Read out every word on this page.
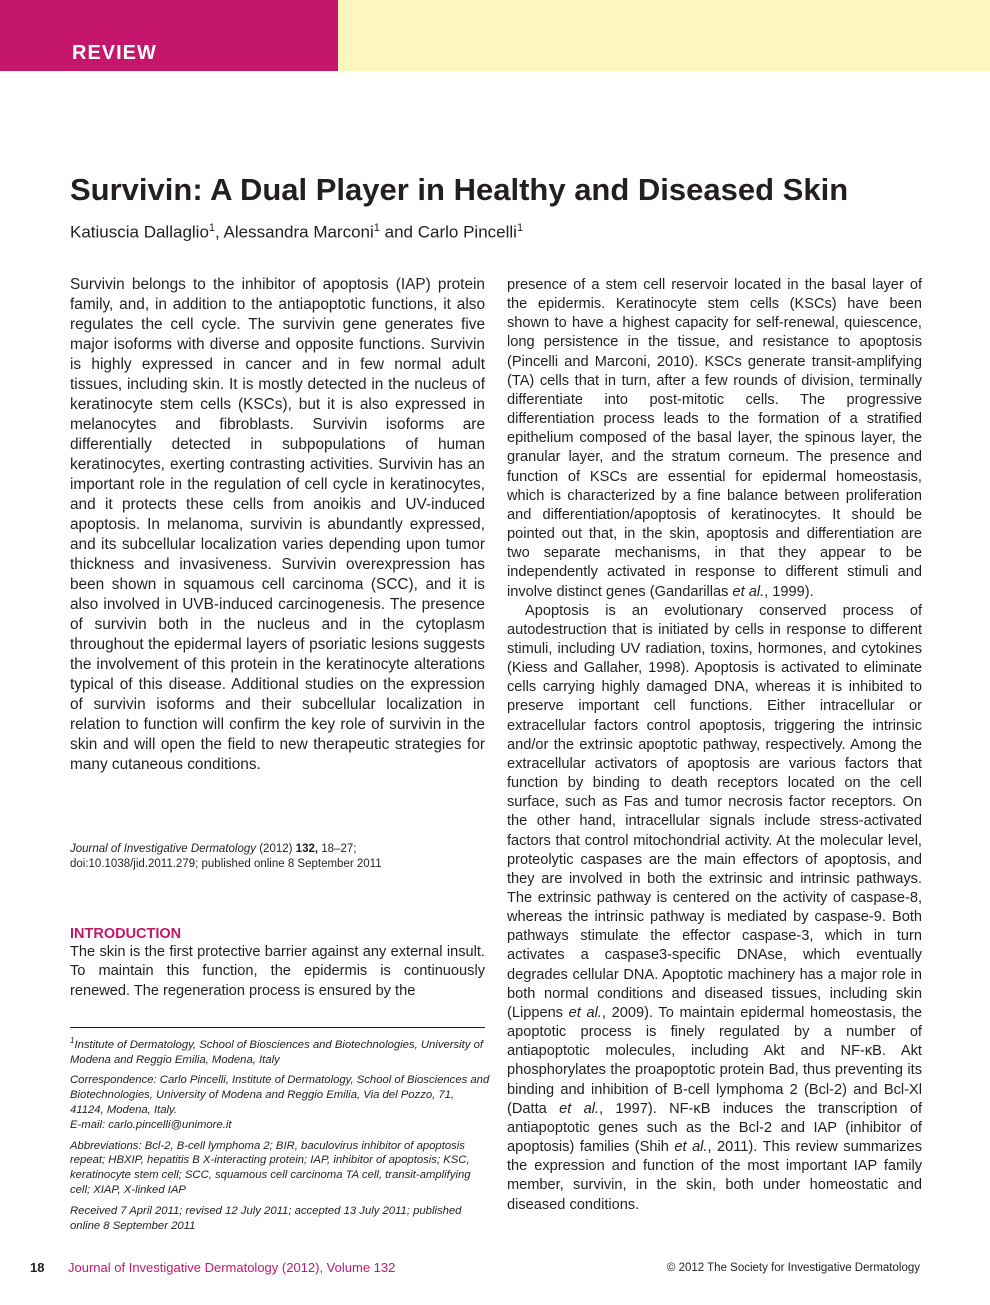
REVIEW

Survivin: A Dual Player in Healthy and Diseased Skin

Katiuscia Dallaglio$^1$, Alessandra Marconi$^1$ and Carlo Pincelli$^1$

Survivin belongs to the inhibitor of apoptosis (IAP) protein family, and, in addition to the antiapoptotic functions, it also regulates the cell cycle. The survivin gene generates five major isoforms with diverse and opposite functions. Survivin is highly expressed in cancer and in few normal adult tissues, including skin. It is mostly detected in the nucleus of keratinocyte stem cells (KSCs), but it is also expressed in melanocytes and fibroblasts. Survivin isoforms are differentially detected in subpopulations of human keratinocytes, exerting contrasting activities. Survivin has an important role in the regulation of cell cycle in keratinocytes, and it protects these cells from anoikis and UV-induced apoptosis. In melanoma, survivin is abundantly expressed, and its subcellular localization varies depending upon tumor thickness and invasiveness. Survivin overexpression has been shown in squamous cell carcinoma (SCC), and it is also involved in UVB-induced carcinogenesis. The presence of survivin both in the nucleus and in the cytoplasm throughout the epidermal layers of psoriatic lesions suggests the involvement of this protein in the keratinocyte alterations typical of this disease. Additional studies on the expression of survivin isoforms and their subcellular localization in relation to function will confirm the key role of survivin in the skin and will open the field to new therapeutic strategies for many cutaneous conditions.

Journal of Investigative Dermatology (2012) 132, 18–27;
doi:10.1038/jid.2011.279; published online 8 September 2011

INTRODUCTION

The skin is the first protective barrier against any external insult. To maintain this function, the epidermis is continuously renewed. The regeneration process is ensured by the

$^1$Institute of Dermatology, School of Biosciences and Biotechnologies, University of Modena and Reggio Emilia, Modena, Italy

Correspondence: Carlo Pincelli, Institute of Dermatology, School of Biosciences and Biotechnologies, University of Modena and Reggio Emilia, Via del Pozzo, 71, 41124, Modena, Italy.
E-mail: carlo.pincelli@unimore.it

Abbreviations: Bcl-2, B-cell lymphoma 2; BIR, baculovirus inhibitor of apoptosis repeat; HBXIP, hepatitis B X-interacting protein; IAP, inhibitor of apoptosis; KSC, keratinocyte stem cell; SCC, squamous cell carcinoma TA cell, transit-amplifying cell; XIAP, X-linked IAP

Received 7 April 2011; revised 12 July 2011; accepted 13 July 2011; published online 8 September 2011

presence of a stem cell reservoir located in the basal layer of the epidermis. Keratinocyte stem cells (KSCs) have been shown to have a highest capacity for self-renewal, quiescence, long persistence in the tissue, and resistance to apoptosis (Pincelli and Marconi, 2010). KSCs generate transit-amplifying (TA) cells that in turn, after a few rounds of division, terminally differentiate into post-mitotic cells. The progressive differentiation process leads to the formation of a stratified epithelium composed of the basal layer, the spinous layer, the granular layer, and the stratum corneum. The presence and function of KSCs are essential for epidermal homeostasis, which is characterized by a fine balance between proliferation and differentiation/apoptosis of keratinocytes. It should be pointed out that, in the skin, apoptosis and differentiation are two separate mechanisms, in that they appear to be independently activated in response to different stimuli and involve distinct genes (Gandarillas et al., 1999).

Apoptosis is an evolutionary conserved process of autodestruction that is initiated by cells in response to different stimuli, including UV radiation, toxins, hormones, and cytokines (Kiess and Gallaher, 1998). Apoptosis is activated to eliminate cells carrying highly damaged DNA, whereas it is inhibited to preserve important cell functions. Either intracellular or extracellular factors control apoptosis, triggering the intrinsic and/or the extrinsic apoptotic pathway, respectively. Among the extracellular activators of apoptosis are various factors that function by binding to death receptors located on the cell surface, such as Fas and tumor necrosis factor receptors. On the other hand, intracellular signals include stress-activated factors that control mitochondrial activity. At the molecular level, proteolytic caspases are the main effectors of apoptosis, and they are involved in both the extrinsic and intrinsic pathways. The extrinsic pathway is centered on the activity of caspase-8, whereas the intrinsic pathway is mediated by caspase-9. Both pathways stimulate the effector caspase-3, which in turn activates a caspase3-specific DNAse, which eventually degrades cellular DNA. Apoptotic machinery has a major role in both normal conditions and diseased tissues, including skin (Lippens et al., 2009). To maintain epidermal homeostasis, the apoptotic process is finely regulated by a number of antiapoptotic molecules, including Akt and NF-κB. Akt phosphorylates the proapoptotic protein Bad, thus preventing its binding and inhibition of B-cell lymphoma 2 (Bcl-2) and Bcl-Xl (Datta et al., 1997). NF-κB induces the transcription of antiapoptotic genes such as the Bcl-2 and IAP (inhibitor of apoptosis) families (Shih et al., 2011). This review summarizes the expression and function of the most important IAP family member, survivin, in the skin, both under homeostatic and diseased conditions.

18 Journal of Investigative Dermatology (2012), Volume 132	© 2012 The Society for Investigative Dermatology
